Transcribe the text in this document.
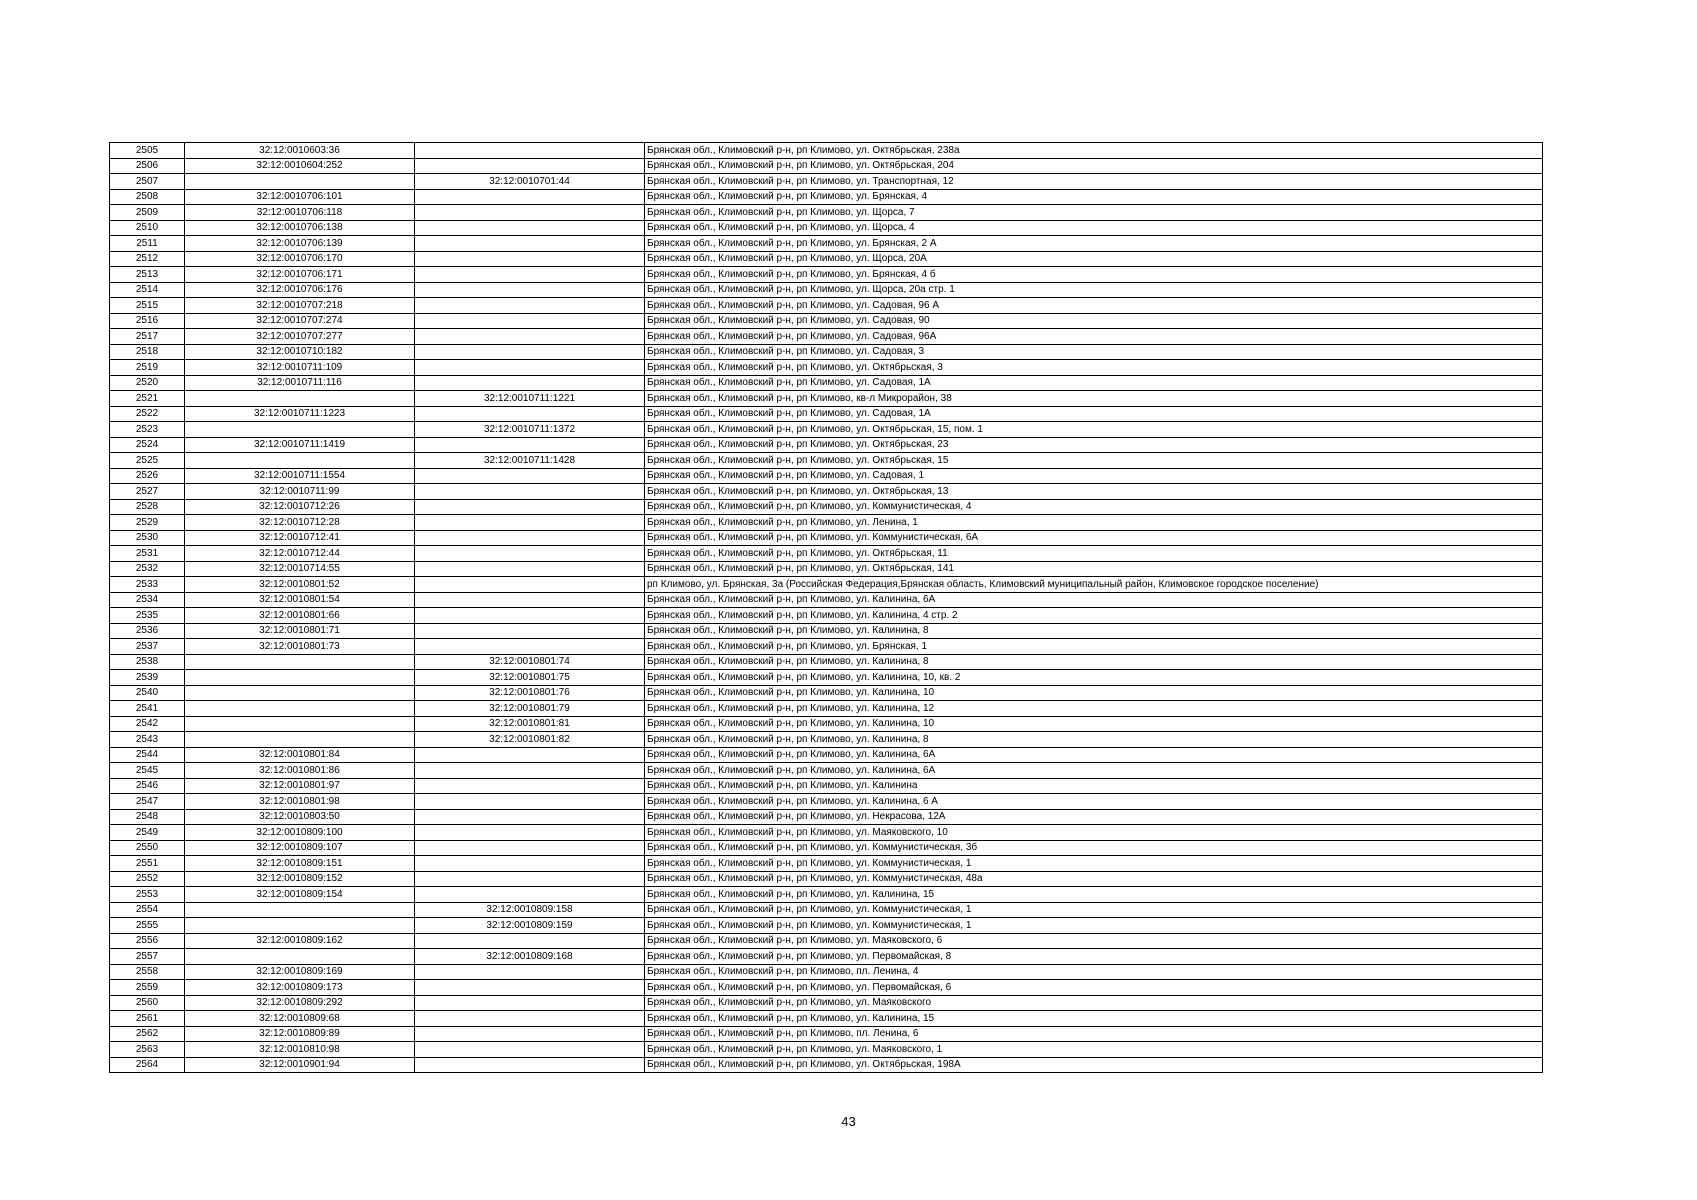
2505	32:12:0010603:36		Брянская обл., Климовский р-н, рп Климово, ул. Октябрьская, 238а
2506	32:12:0010604:252		Брянская обл., Климовский р-н, рп Климово, ул. Октябрьская, 204
2507		32:12:0010701:44	Брянская обл., Климовский р-н, рп Климово, ул. Транспортная, 12
2508	32:12:0010706:101		Брянская обл., Климовский р-н, рп Климово, ул. Брянская, 4
2509	32:12:0010706:118		Брянская обл., Климовский р-н, рп Климово, ул. Щорса, 7
2510	32:12:0010706:138		Брянская обл., Климовский р-н, рп Климово, ул. Щорса, 4
2511	32:12:0010706:139		Брянская обл., Климовский р-н, рп Климово, ул. Брянская, 2 А
2512	32:12:0010706:170		Брянская обл., Климовский р-н, рп Климово, ул. Щорса, 20А
2513	32:12:0010706:171		Брянская обл., Климовский р-н, рп Климово, ул. Брянская, 4 б
2514	32:12:0010706:176		Брянская обл., Климовский р-н, рп Климово, ул. Щорса, 20а стр. 1
2515	32:12:0010707:218		Брянская обл., Климовский р-н, рп Климово, ул. Садовая, 96 А
2516	32:12:0010707:274		Брянская обл., Климовский р-н, рп Климово, ул. Садовая, 90
2517	32:12:0010707:277		Брянская обл., Климовский р-н, рп Климово, ул. Садовая, 96А
2518	32:12:0010710:182		Брянская обл., Климовский р-н, рп Климово, ул. Садовая, 3
2519	32:12:0010711:109		Брянская обл., Климовский р-н, рп Климово, ул. Октябрьская, 3
2520	32:12:0010711:116		Брянская обл., Климовский р-н, рп Климово, ул. Садовая, 1А
2521		32:12:0010711:1221	Брянская обл., Климовский р-н, рп Климово, кв-л Микрорайон, 38
2522	32:12:0010711:1223		Брянская обл., Климовский р-н, рп Климово, ул. Садовая, 1А
2523		32:12:0010711:1372	Брянская обл., Климовский р-н, рп Климово, ул. Октябрьская, 15, пом. 1
2524	32:12:0010711:1419		Брянская обл., Климовский р-н, рп Климово, ул. Октябрьская, 23
2525		32:12:0010711:1428	Брянская обл., Климовский р-н, рп Климово, ул. Октябрьская, 15
2526	32:12:0010711:1554		Брянская обл., Климовский р-н, рп Климово, ул. Садовая, 1
2527	32:12:0010711:99		Брянская обл., Климовский р-н, рп Климово, ул. Октябрьская, 13
2528	32:12:0010712:26		Брянская обл., Климовский р-н, рп Климово, ул. Коммунистическая, 4
2529	32:12:0010712:28		Брянская обл., Климовский р-н, рп Климово, ул. Ленина, 1
2530	32:12:0010712:41		Брянская обл., Климовский р-н, рп Климово, ул. Коммунистическая, 6А
2531	32:12:0010712:44		Брянская обл., Климовский р-н, рп Климово, ул. Октябрьская, 11
2532	32:12:0010714:55		Брянская обл., Климовский р-н, рп Климово, ул. Октябрьская, 141
2533	32:12:0010801:52		рп Климово, ул. Брянская, 3а (Российская Федерация,Брянская область, Климовский муниципальный район, Климовское городское поселение)
2534	32:12:0010801:54		Брянская обл., Климовский р-н, рп Климово, ул. Калинина, 6А
2535	32:12:0010801:66		Брянская обл., Климовский р-н, рп Климово, ул. Калинина, 4 стр. 2
2536	32:12:0010801:71		Брянская обл., Климовский р-н, рп Климово, ул. Калинина, 8
2537	32:12:0010801:73		Брянская обл., Климовский р-н, рп Климово, ул. Брянская, 1
2538		32:12:0010801:74	Брянская обл., Климовский р-н, рп Климово, ул. Калинина, 8
2539		32:12:0010801:75	Брянская обл., Климовский р-н, рп Климово, ул. Калинина, 10, кв. 2
2540		32:12:0010801:76	Брянская обл., Климовский р-н, рп Климово, ул. Калинина, 10
2541		32:12:0010801:79	Брянская обл., Климовский р-н, рп Климово, ул. Калинина, 12
2542		32:12:0010801:81	Брянская обл., Климовский р-н, рп Климово, ул. Калинина, 10
2543		32:12:0010801:82	Брянская обл., Климовский р-н, рп Климово, ул. Калинина, 8
2544	32:12:0010801:84		Брянская обл., Климовский р-н, рп Климово, ул. Калинина, 6А
2545	32:12:0010801:86		Брянская обл., Климовский р-н, рп Климово, ул. Калинина, 6А
2546	32:12:0010801:97		Брянская обл., Климовский р-н, рп Климово, ул. Калинина
2547	32:12:0010801:98		Брянская обл., Климовский р-н, рп Климово, ул. Калинина, 6 А
2548	32:12:0010803:50		Брянская обл., Климовский р-н, рп Климово, ул. Некрасова, 12А
2549	32:12:0010809:100		Брянская обл., Климовский р-н, рп Климово, ул. Маяковского, 10
2550	32:12:0010809:107		Брянская обл., Климовский р-н, рп Климово, ул. Коммунистическая, 3б
2551	32:12:0010809:151		Брянская обл., Климовский р-н, рп Климово, ул. Коммунистическая, 1
2552	32:12:0010809:152		Брянская обл., Климовский р-н, рп Климово, ул. Коммунистическая, 48а
2553	32:12:0010809:154		Брянская обл., Климовский р-н, рп Климово, ул. Калинина, 15
2554		32:12:0010809:158	Брянская обл., Климовский р-н, рп Климово, ул. Коммунистическая, 1
2555		32:12:0010809:159	Брянская обл., Климовский р-н, рп Климово, ул. Коммунистическая, 1
2556	32:12:0010809:162		Брянская обл., Климовский р-н, рп Климово, ул. Маяковского, 6
2557		32:12:0010809:168	Брянская обл., Климовский р-н, рп Климово, ул. Первомайская, 8
2558	32:12:0010809:169		Брянская обл., Климовский р-н, рп Климово, пл. Ленина, 4
2559	32:12:0010809:173		Брянская обл., Климовский р-н, рп Климово, ул. Первомайская, 6
2560	32:12:0010809:292		Брянская обл., Климовский р-н, рп Климово, ул. Маяковского
2561	32:12:0010809:68		Брянская обл., Климовский р-н, рп Климово, ул. Калинина, 15
2562	32:12:0010809:89		Брянская обл., Климовский р-н, рп Климово, пл. Ленина, 6
2563	32:12:0010810:98		Брянская обл., Климовский р-н, рп Климово, ул. Маяковского, 1
2564	32:12:0010901:94		Брянская обл., Климовский р-н, рп Климово, ул. Октябрьская, 198А
43
